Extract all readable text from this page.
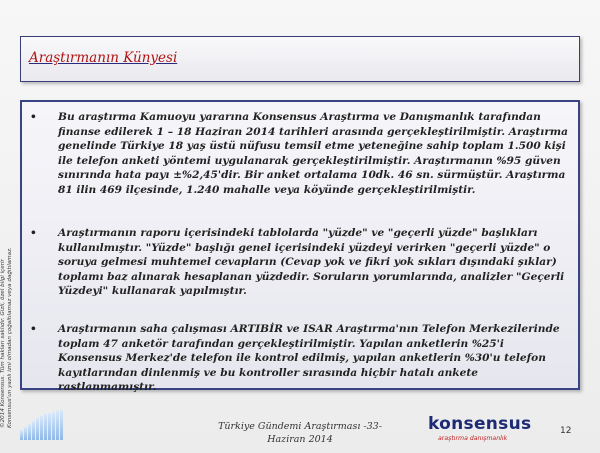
Araştırmanın Künyesi
• Bu araştırma Kamuoyu yararına Konsensus Araştırma ve Danışmanlık tarafından finanse edilerek 1 – 18 Haziran 2014 tarihleri arasında gerçekleştirilmiştir. Araştırma genelinde Türkiye 18 yaş üstü nüfusu temsil etme yeteneğine sahip toplam 1.500 kişi ile telefon anketi yöntemi uygulanarak gerçekleştirilmiştir. Araştırmanın %95 güven sınırında hata payı ±%2,45'dir. Bir anket ortalama 10dk. 46 sn. sürmüştür. Araştırma 81 ilin 469 ilçesinde, 1.240 mahalle veya köyünde gerçekleştirilmiştir.
• Araştırmanın raporu içerisindeki tablolarda "yüzde" ve "geçerli yüzde" başlıkları kullanılmıştır. "Yüzde" başlığı genel içerisindeki yüzdeyi verirken "geçerli yüzde" o soruya gelmesi muhtemel cevapların (Cevap yok ve fikri yok sıkları dışındaki şıklar) toplamı baz alınarak hesaplanan yüzdedir. Soruların yorumlarında, analizler "Geçerli Yüzdeyi" kullanarak yapılmıştır.
• Araştırmanın saha çalışması ARTIBİR ve ISAR Araştırma'nın Telefon Merkezilerinde toplam 47 anketör tarafından gerçekleştirilmiştir. Yapılan anketlerin %25'i Konsensus Merkez'de telefon ile kontrol edilmiş, yapılan anketlerin %30'u telefon kayıtlarından dinlenmiş ve bu kontroller sırasında hiçbir hatalı ankete rastlanmamıştır.
©2014 Konsensus. Tüm hakları saklıdır. Gizli, özel bilgi içerir Konsensus'un yazılı izni olmadan çoğaltılamaz veya dağıtılamaz.	Türkiye Gündemi Araştırması -33-
Haziran 2014
konsensus
araştırma danışmanlık
12
